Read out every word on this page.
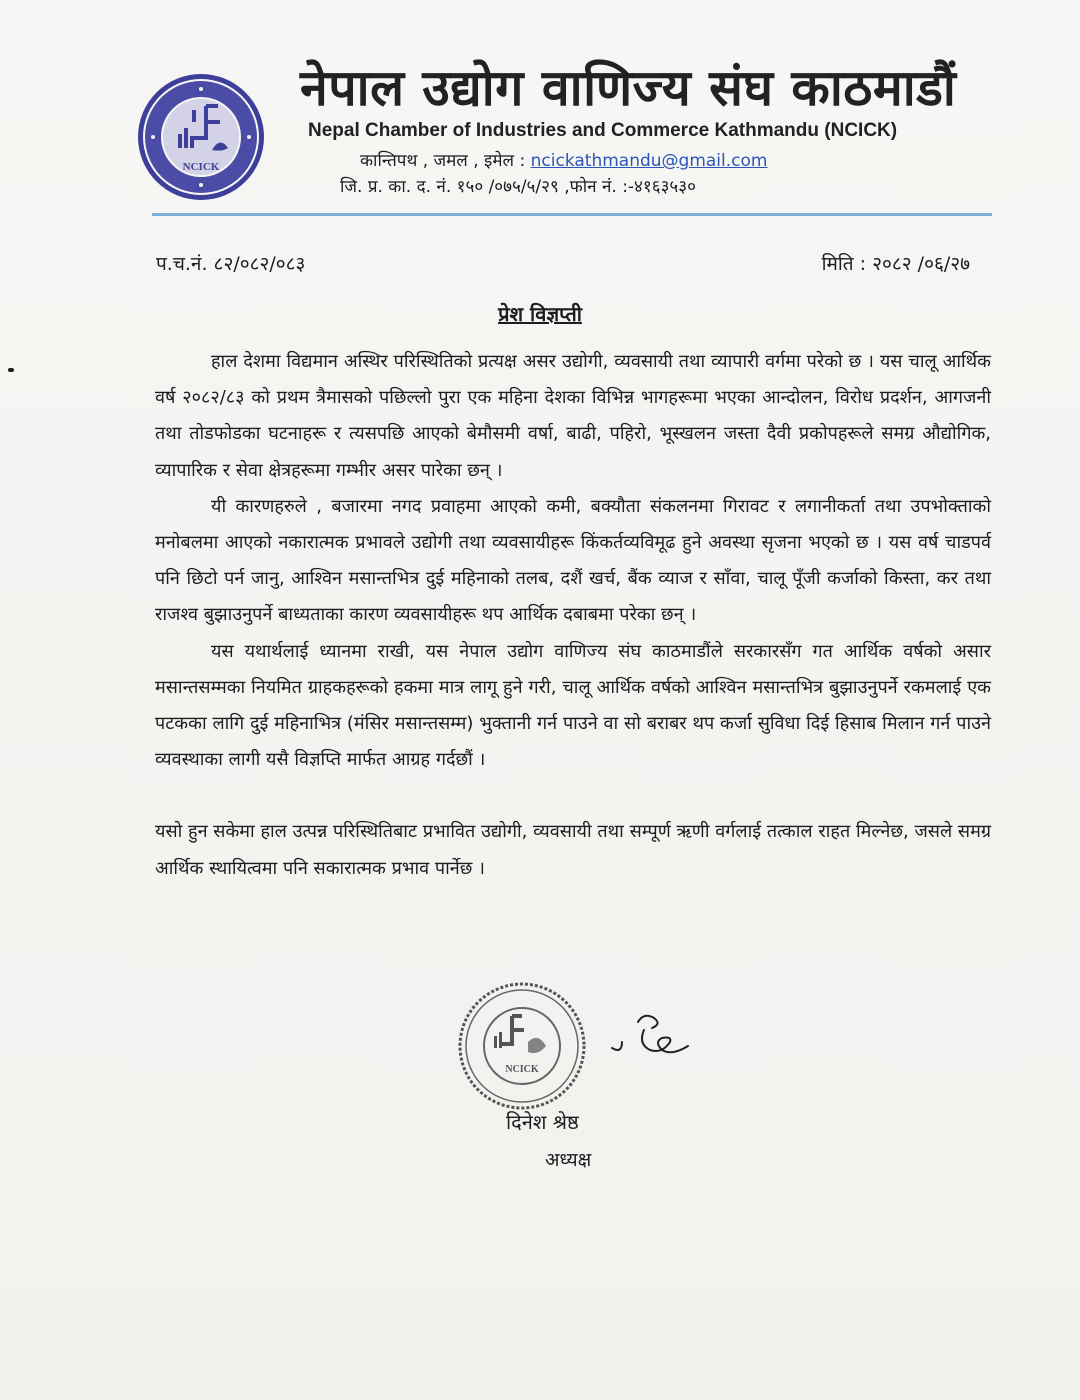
NCICK
नेपाल उद्योग वाणिज्य संघ काठमाडौं
Nepal Chamber of Industries and Commerce Kathmandu (NCICK)
कान्तिपथ , जमल , इमेल : ncickathmandu@gmail.com
जि. प्र. का. द. नं. १५० /०७५/५/२९ ,फोन नं. :-४१६३५३०
प.च.नं. ८२/०८२/०८३	मिति : २०८२ /०६/२७
प्रेश विज्ञप्ती

हाल देशमा विद्यमान अस्थिर परिस्थितिको प्रत्यक्ष असर उद्योगी, व्यवसायी तथा व्यापारी वर्गमा परेको छ । यस चालू आर्थिक वर्ष २०८२/८३ को प्रथम त्रैमासको पछिल्लो पुरा एक महिना देशका विभिन्न भागहरूमा भएका आन्दोलन, विरोध प्रदर्शन, आगजनी तथा तोडफोडका घटनाहरू र त्यसपछि आएको बेमौसमी वर्षा, बाढी, पहिरो, भूस्खलन जस्ता दैवी प्रकोपहरूले समग्र औद्योगिक, व्यापारिक र सेवा क्षेत्रहरूमा गम्भीर असर पारेका छन् ।

यी कारणहरुले , बजारमा नगद प्रवाहमा आएको कमी, बक्यौता संकलनमा गिरावट र लगानीकर्ता तथा उपभोक्ताको मनोबलमा आएको नकारात्मक प्रभावले उद्योगी तथा व्यवसायीहरू किंकर्तव्यविमूढ हुने अवस्था सृजना भएको छ । यस वर्ष चाडपर्व पनि छिटो पर्न जानु, आश्विन मसान्तभित्र दुई महिनाको तलब, दशैं खर्च, बैंक व्याज र साँवा, चालू पूँजी कर्जाको किस्ता, कर तथा राजश्व बुझाउनुपर्ने बाध्यताका कारण व्यवसायीहरू थप आर्थिक दबाबमा परेका छन् ।

यस यथार्थलाई ध्यानमा राखी, यस नेपाल उद्योग वाणिज्य संघ काठमाडौंले सरकारसँग गत आर्थिक वर्षको असार मसान्तसम्मका नियमित ग्राहकहरूको हकमा मात्र लागू हुने गरी, चालू आर्थिक वर्षको आश्विन मसान्तभित्र बुझाउनुपर्ने रकमलाई एक पटकका लागि दुई महिनाभित्र (मंसिर मसान्तसम्म) भुक्तानी गर्न पाउने वा सो बराबर थप कर्जा सुविधा दिई हिसाब मिलान गर्न पाउने व्यवस्थाका लागी यसै विज्ञप्ति मार्फत आग्रह गर्दछौं ।

यसो हुन सकेमा हाल उत्पन्न परिस्थितिबाट प्रभावित उद्योगी, व्यवसायी तथा सम्पूर्ण ऋणी वर्गलाई तत्काल राहत मिल्नेछ, जसले समग्र आर्थिक स्थायित्वमा पनि सकारात्मक प्रभाव पार्नेछ ।

NCICK
दिनेश श्रेष्ठ
अध्यक्ष
